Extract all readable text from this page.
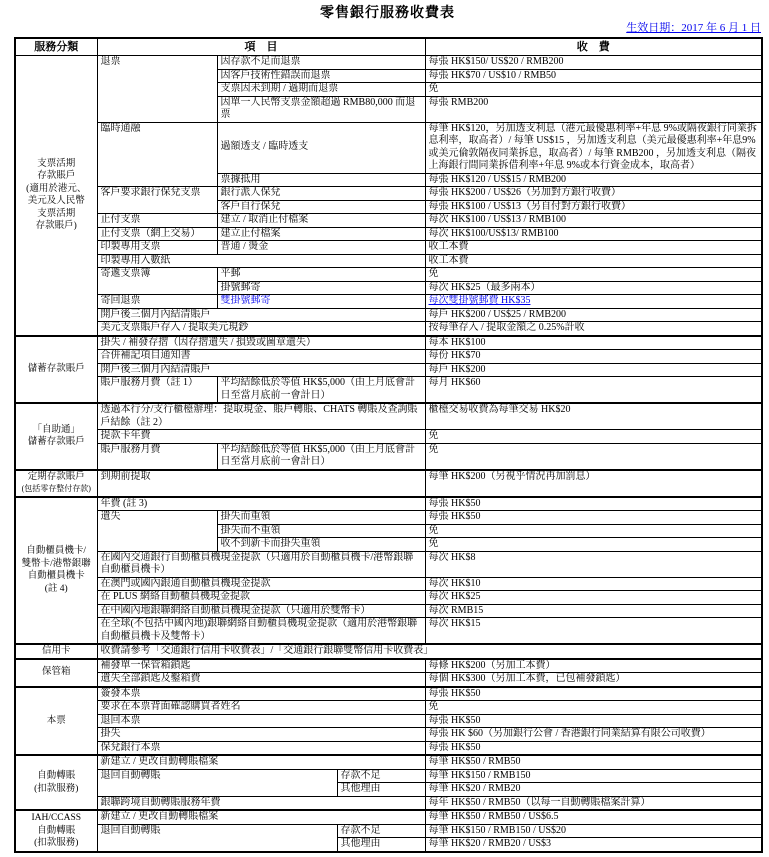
零售銀行服務收費表
生效日期：2017 年 6 月 1 日
服務分類	項　目			收　費

支票活期
存款賬戶
(適用於港元、
美元及人民幣
支票活期
存款賬戶)
	退票	因存款不足而退票	每張 HK$150/ US$20 / RMB200
		因客戶技術性錯誤而退票		每張 HK$70 / US$10 / RMB50
		支票因未到期 / 過期而退票		免
		因單一人民幣支票金額超過 RMB80,000 而退票		每張 RMB200
	臨時通融	過額透支 / 臨時透支		每筆 HK$120，另加透支利息（港元最優惠利率+年息 9%或隔夜銀行同業拆息利率，取高者）/ 每筆 US$15 ，另加透支利息（美元最優惠利率+年息9%或美元倫敦隔夜同業拆息，取高者）/ 每筆 RMB200 ，另加透支利息（隔夜上海銀行間同業拆借利率+年息 9%或本行資金成本，取高者）
		票據抵用		每張 HK$120 / US$15 / RMB200
	客戶要求銀行保兌支票	銀行派人保兌		每張 HK$200 / US$26（另加對方銀行收費）
		客戶自行保兌		每張 HK$100 / US$13（另自付對方銀行收費）
	止付支票	建立 / 取消止付檔案		每次 HK$100 / US$13 / RMB100
	止付支票（網上交易）	建立止付檔案		每次 HK$100/US$13/ RMB100
	印製專用支票	普通 / 燙金		收工本費
	印製專用入數紙			收工本費
	寄遞支票簿	平郵		免
		掛號郵寄		每次 HK$25（最多兩本）
	寄回退票	雙掛號郵寄		每次雙掛號郵費 HK$35
	開戶後三個月內結清賬戶			每戶 HK$200 / US$25 / RMB200
	美元支票賬戶存入 / 提取美元現鈔			按每筆存入 / 提取金額之 0.25%計收

儲蓄存款賬戶	掛失 / 補發存摺（因存摺遺失 / 損毀或圖章遺失）			每本 HK$100
	合併補記項目通知書			每份 HK$70
	開戶後三個月內結清賬戶			每戶 HK$200
	賬戶服務月費（註 1）	平均結餘低於等值 HK$5,000（由上月底會計日至當月底前一會計日）		每月 HK$60

「自助通」
儲蓄存款賬戶	透過本行分/支行櫃檯辦理：提取現金、賬戶轉賬、CHATS 轉賬及查詢賬戶結餘（註 2）			櫃檯交易收費為每筆交易 HK$20
	提款卡年費			免
	賬戶服務月費	平均結餘低於等值 HK$5,000（由上月底會計日至當月底前一會計日）		免

定期存款賬戶
(包括零存整付存款)	到期前提取			每筆 HK$200（另視乎情況再加罰息）

自動櫃員機卡/
雙幣卡/港幣銀聯
自動櫃員機卡
(註 4)	年費 (註 3)			每張 HK$50
	遺失	掛失而重領		每張 HK$50
		掛失而不重領		免
		收不到新卡而掛失重領		免
	在國內交通銀行自動櫃員機現金提款（只適用於自動櫃員機卡/港幣銀聯自動櫃員機卡）			每次 HK$8
	在澳門或國內銀通自動櫃員機現金提款			每次 HK$10
	在 PLUS 網絡自動櫃員機現金提款			每次 HK$25
	在中國內地銀聯網絡自動櫃員機現金提款（只適用於雙幣卡）			每次 RMB15
	在全球(不包括中國內地)銀聯網絡自動櫃員機現金提款（適用於港幣銀聯自動櫃員機卡及雙幣卡）			每次 HK$15

信用卡	收費請參考「交通銀行信用卡收費表」/「交通銀行銀聯雙幣信用卡收費表」			

保管箱	補發單一保管箱鎖匙			每條 HK$200（另加工本費）
	遺失全部鎖匙及鑿箱費			每個 HK$300（另加工本費，已包補發鎖匙）

本票	簽發本票			每張 HK$50
	要求在本票背面確認購買者姓名			免
	退回本票			每張 HK$50
	掛失			每張 HK $60（另加銀行公會 / 香港銀行同業結算有限公司收費）
	保兌銀行本票			每張 HK$50

自動轉賬
(扣款服務)	新建立 / 更改自動轉賬檔案			每筆 HK$50 / RMB50
	退回自動轉賬		存款不足	每筆 HK$150 / RMB150
			其他理由	每筆 HK$20 / RMB20
	銀聯跨境自動轉賬服務年費			每年 HK$50 / RMB50（以每一自動轉賬檔案計算）

IAH/CCASS
自動轉賬
(扣款服務)	新建立 / 更改自動轉賬檔案			每筆 HK$50 / RMB50 / US$6.5
	退回自動轉賬		存款不足	每筆 HK$150 / RMB150 / US$20
			其他理由	每筆 HK$20 / RMB20 / US$3
